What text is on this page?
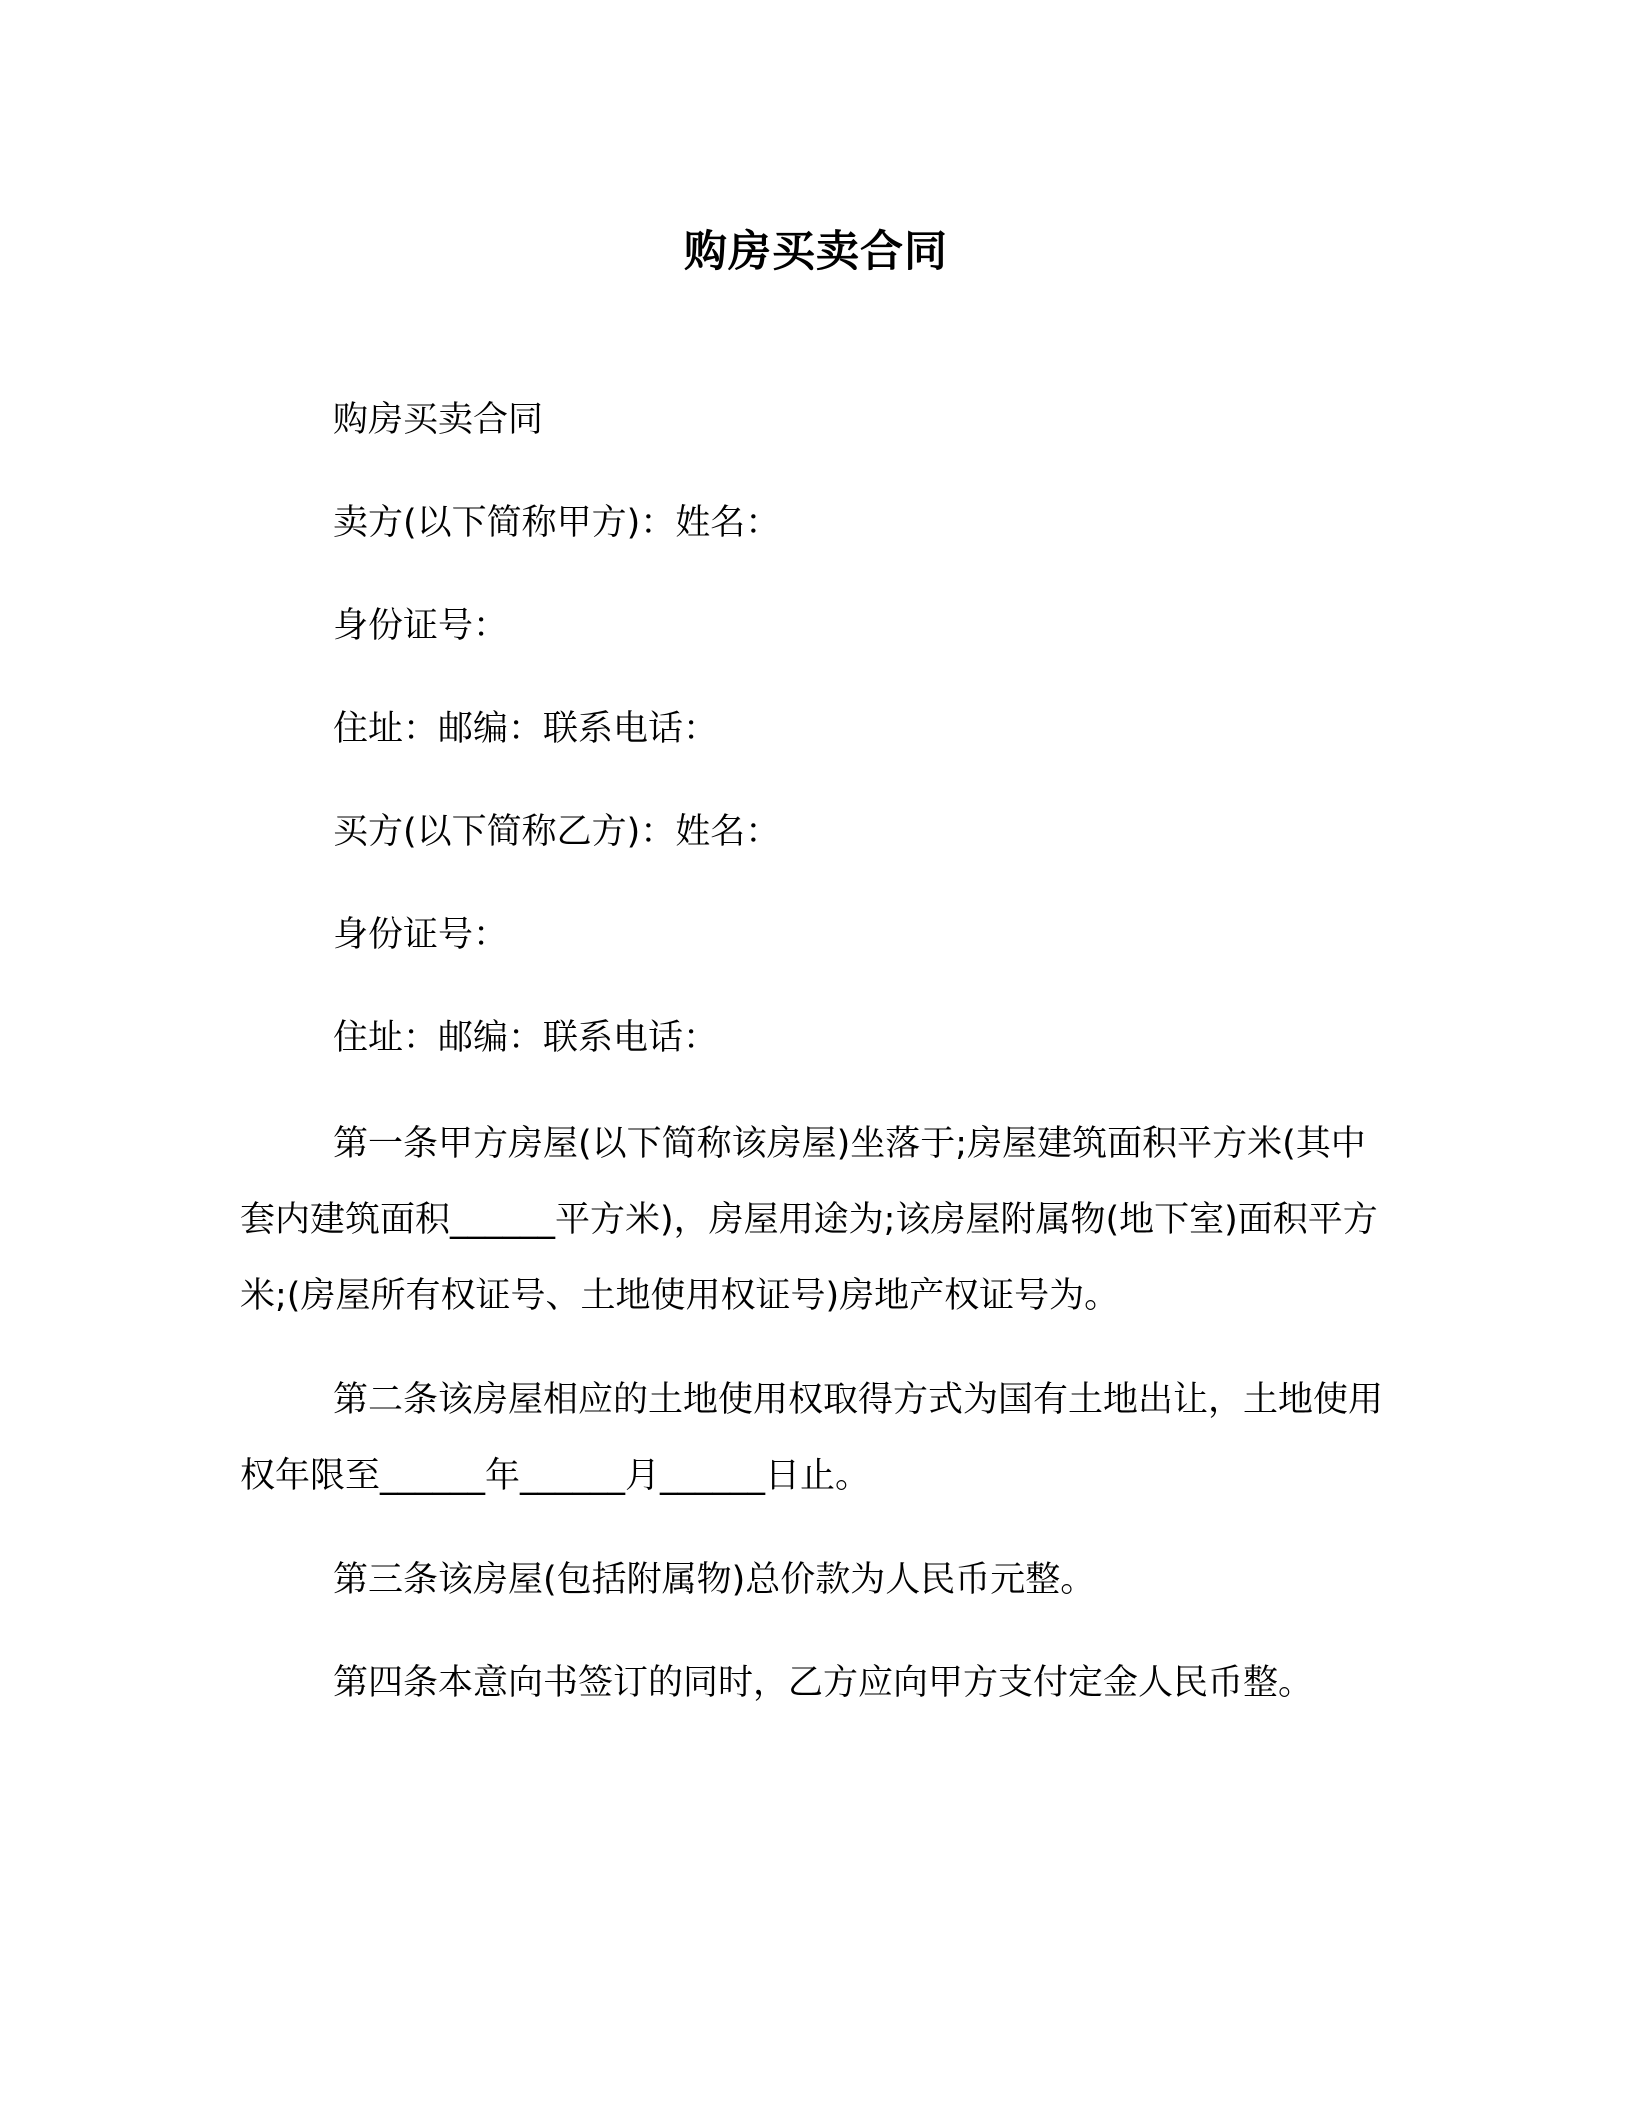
购房买卖合同
购房买卖合同
卖方(以下简称甲方)：姓名：
身份证号：
住址：邮编：联系电话：
买方(以下简称乙方)：姓名：
身份证号：
住址：邮编：联系电话：

第一条甲方房屋(以下简称该房屋)坐落于;房屋建筑面积平方米(其中套内建筑面积______平方米)，房屋用途为;该房屋附属物(地下室)面积平方米;(房屋所有权证号、土地使用权证号)房地产权证号为。

第二条该房屋相应的土地使用权取得方式为国有土地出让，土地使用权年限至______年______月______日止。

第三条该房屋(包括附属物)总价款为人民币元整。

第四条本意向书签订的同时，乙方应向甲方支付定金人民币整。
